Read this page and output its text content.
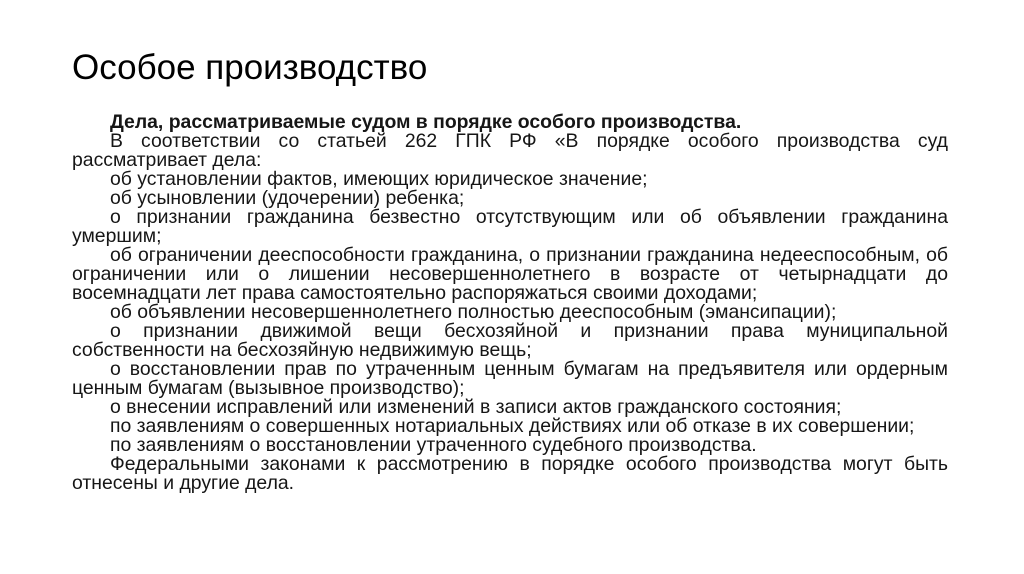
Особое производство

Дела, рассматриваемые судом в порядке особого производства.

В соответствии со статьей 262 ГПК РФ «В порядке особого производства суд рассматривает дела:

об установлении фактов, имеющих юридическое значение;

об усыновлении (удочерении) ребенка;

о признании гражданина безвестно отсутствующим или об объявлении гражданина умершим;

об ограничении дееспособности гражданина, о признании гражданина недееспособным, об ограничении или о лишении несовершеннолетнего в возрасте от четырнадцати до восемнадцати лет права самостоятельно распоряжаться своими доходами;

об объявлении несовершеннолетнего полностью дееспособным (эмансипации);

о признании движимой вещи бесхозяйной и признании права муниципальной собственности на бесхозяйную недвижимую вещь;

о восстановлении прав по утраченным ценным бумагам на предъявителя или ордерным ценным бумагам (вызывное производство);

о внесении исправлений или изменений в записи актов гражданского состояния;

по заявлениям о совершенных нотариальных действиях или об отказе в их совершении;

по заявлениям о восстановлении утраченного судебного производства.

Федеральными законами к рассмотрению в порядке особого производства могут быть отнесены и другие дела.
